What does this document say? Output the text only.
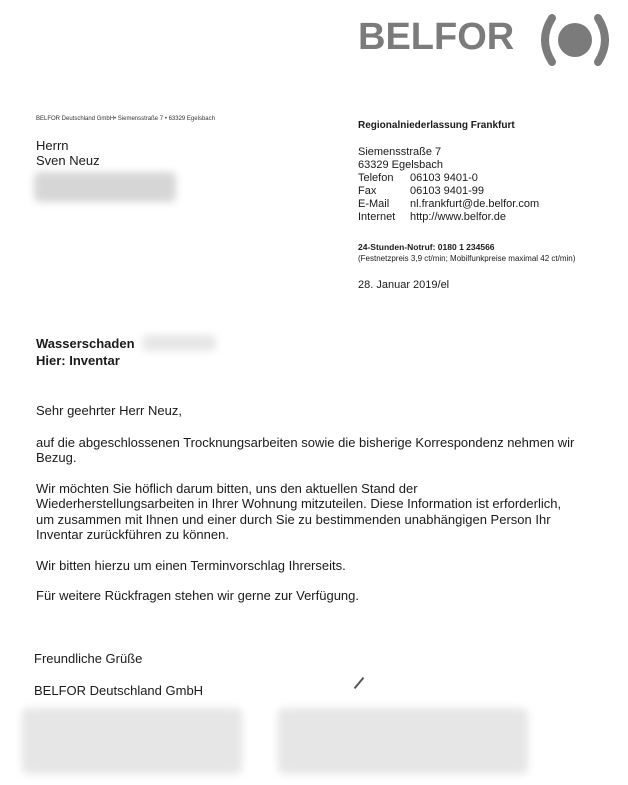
BELFOR
BELFOR Deutschland GmbH• Siemensstraße 7 • 63329 Egelsbach
Herrn
Sven Neuz
Regionalniederlassung Frankfurt
Siemensstraße 7
63329 Egelsbach
Telefon	06103 9401-0
Fax	06103 9401-99
E-Mail	nl.frankfurt@de.belfor.com
Internet	http://www.belfor.de
24-Stunden-Notruf: 0180 1 234566
(Festnetzpreis 3,9 ct/min; Mobilfunkpreise maximal 42 ct/min)
28. Januar 2019/el
Wasserschaden
Hier: Inventar

Sehr geehrter Herr Neuz,

auf die abgeschlossenen Trocknungsarbeiten sowie die bisherige Korrespondenz nehmen wir Bezug.

Wir möchten Sie höflich darum bitten, uns den aktuellen Stand der Wiederherstellungsarbeiten in Ihrer Wohnung mitzuteilen. Diese Information ist erforderlich, um zusammen mit Ihnen und einer durch Sie zu bestimmenden unabhängigen Person Ihr Inventar zurückführen zu können.

Wir bitten hierzu um einen Terminvorschlag Ihrerseits.

Für weitere Rückfragen stehen wir gerne zur Verfügung.

Freundliche Grüße
BELFOR Deutschland GmbH
